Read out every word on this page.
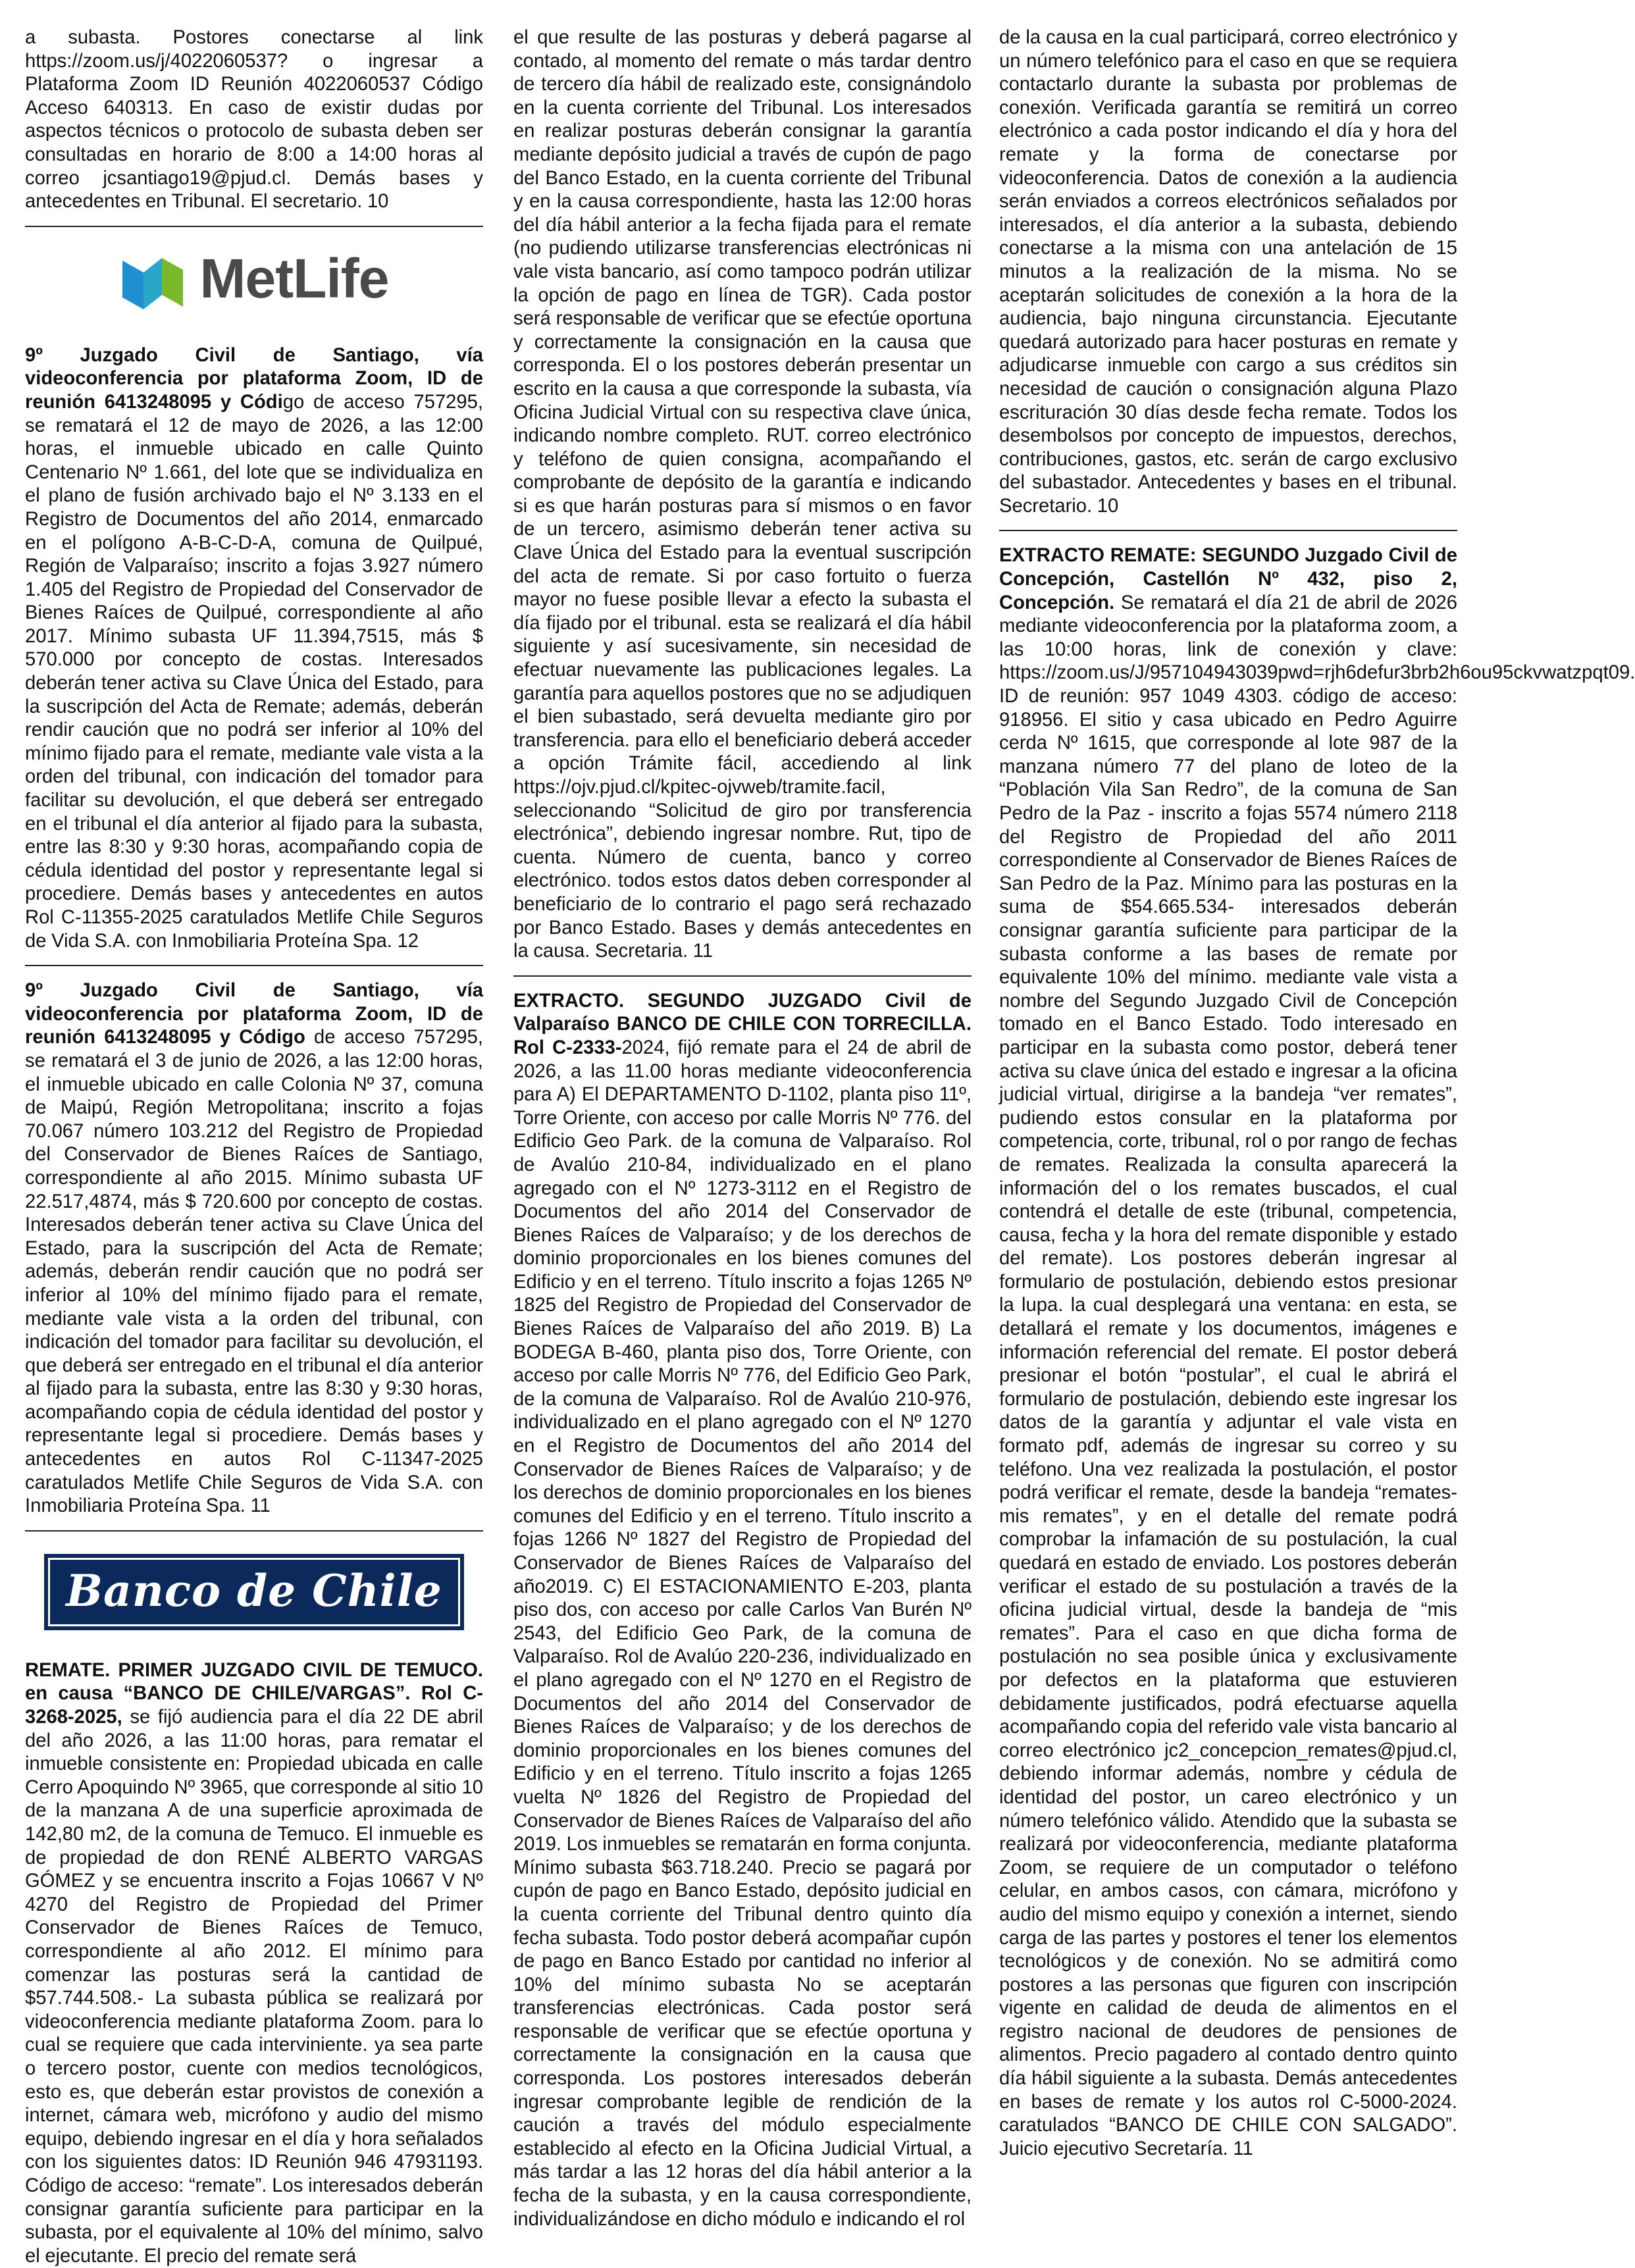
a subasta. Postores conectarse al link https://zoom.us/j/4022060537? o ingresar a Plataforma Zoom ID Reunión 4022060537 Código Acceso 640313. En caso de existir dudas por aspectos técnicos o protocolo de subasta deben ser consultadas en horario de 8:00 a 14:00 horas al correo jcsantiago19@pjud.cl. Demás bases y antecedentes en Tribunal. El secretario. 10

MetLife

9º Juzgado Civil de Santiago, vía videoconferencia por plataforma Zoom, ID de reunión 6413248095 y Código de acceso 757295, se rematará el 12 de mayo de 2026, a las 12:00 horas, el inmueble ubicado en calle Quinto Centenario Nº 1.661, del lote que se individualiza en el plano de fusión archivado bajo el Nº 3.133 en el Registro de Documentos del año 2014, enmarcado en el polígono A-B-C-D-A, comuna de Quilpué, Región de Valparaíso; inscrito a fojas 3.927 número 1.405 del Registro de Propiedad del Conservador de Bienes Raíces de Quilpué, correspondiente al año 2017. Mínimo subasta UF 11.394,7515, más $ 570.000 por concepto de costas. Interesados deberán tener activa su Clave Única del Estado, para la suscripción del Acta de Remate; además, deberán rendir caución que no podrá ser inferior al 10% del mínimo fijado para el remate, mediante vale vista a la orden del tribunal, con indicación del tomador para facilitar su devolución, el que deberá ser entregado en el tribunal el día anterior al fijado para la subasta, entre las 8:30 y 9:30 horas, acompañando copia de cédula identidad del postor y representante legal si procediere. Demás bases y antecedentes en autos Rol C-11355-2025 caratulados Metlife Chile Seguros de Vida S.A. con Inmobiliaria Proteína Spa. 12

9º Juzgado Civil de Santiago, vía videoconferencia por plataforma Zoom, ID de reunión 6413248095 y Código de acceso 757295, se rematará el 3 de junio de 2026, a las 12:00 horas, el inmueble ubicado en calle Colonia Nº 37, comuna de Maipú, Región Metropolitana; inscrito a fojas 70.067 número 103.212 del Registro de Propiedad del Conservador de Bienes Raíces de Santiago, correspondiente al año 2015. Mínimo subasta UF 22.517,4874, más $ 720.600 por concepto de costas. Interesados deberán tener activa su Clave Única del Estado, para la suscripción del Acta de Remate; además, deberán rendir caución que no podrá ser inferior al 10% del mínimo fijado para el remate, mediante vale vista a la orden del tribunal, con indicación del tomador para facilitar su devolución, el que deberá ser entregado en el tribunal el día anterior al fijado para la subasta, entre las 8:30 y 9:30 horas, acompañando copia de cédula identidad del postor y representante legal si procediere. Demás bases y antecedentes en autos Rol C-11347-2025 caratulados Metlife Chile Seguros de Vida S.A. con Inmobiliaria Proteína Spa. 11

Banco de Chile

REMATE. PRIMER JUZGADO CIVIL DE TEMUCO. en causa “BANCO DE CHILE/VARGAS”. Rol C-3268-2025, se fijó audiencia para el día 22 DE abril del año 2026, a las 11:00 horas, para rematar el inmueble consistente en: Propiedad ubicada en calle Cerro Apoquindo Nº 3965, que corresponde al sitio 10 de la manzana A de una superficie aproximada de 142,80 m2, de la comuna de Temuco. El inmueble es de propiedad de don RENÉ ALBERTO VARGAS GÓMEZ y se encuentra inscrito a Fojas 10667 V Nº 4270 del Registro de Propiedad del Primer Conservador de Bienes Raíces de Temuco, correspondiente al año 2012. El mínimo para comenzar las posturas será la cantidad de $57.744.508.- La subasta pública se realizará por videoconferencia mediante plataforma Zoom. para lo cual se requiere que cada interviniente. ya sea parte o tercero postor, cuente con medios tecnológicos, esto es, que deberán estar provistos de conexión a internet, cámara web, micrófono y audio del mismo equipo, debiendo ingresar en el día y hora señalados con los siguientes datos: ID Reunión 946 47931193. Código de acceso: “remate”. Los interesados deberán consignar garantía suficiente para participar en la subasta, por el equivalente al 10% del mínimo, salvo el ejecutante. El precio del remate será

el que resulte de las posturas y deberá pagarse al contado, al momento del remate o más tardar dentro de tercero día hábil de realizado este, consignándolo en la cuenta corriente del Tribunal. Los interesados en realizar posturas deberán consignar la garantía mediante depósito judicial a través de cupón de pago del Banco Estado, en la cuenta corriente del Tribunal y en la causa correspondiente, hasta las 12:00 horas del día hábil anterior a la fecha fijada para el remate (no pudiendo utilizarse transferencias electrónicas ni vale vista bancario, así como tampoco podrán utilizar la opción de pago en línea de TGR). Cada postor será responsable de verificar que se efectúe oportuna y correctamente la consignación en la causa que corresponda. El o los postores deberán presentar un escrito en la causa a que corresponde la subasta, vía Oficina Judicial Virtual con su respectiva clave única, indicando nombre completo. RUT. correo electrónico y teléfono de quien consigna, acompañando el comprobante de depósito de la garantía e indicando si es que harán posturas para sí mismos o en favor de un tercero, asimismo deberán tener activa su Clave Única del Estado para la eventual suscripción del acta de remate. Si por caso fortuito o fuerza mayor no fuese posible llevar a efecto la subasta el día fijado por el tribunal. esta se realizará el día hábil siguiente y así sucesivamente, sin necesidad de efectuar nuevamente las publicaciones legales. La garantía para aquellos postores que no se adjudiquen el bien subastado, será devuelta mediante giro por transferencia. para ello el beneficiario deberá acceder a opción Trámite fácil, accediendo al link https://ojv.pjud.cl/kpitec-ojvweb/tramite.facil, seleccionando “Solicitud de giro por transferencia electrónica”, debiendo ingresar nombre. Rut, tipo de cuenta. Número de cuenta, banco y correo electrónico. todos estos datos deben corresponder al beneficiario de lo contrario el pago será rechazado por Banco Estado. Bases y demás antecedentes en la causa. Secretaria. 11

EXTRACTO. SEGUNDO JUZGADO Civil de Valparaíso BANCO DE CHILE CON TORRECILLA. Rol C-2333-2024, fijó remate para el 24 de abril de 2026, a las 11.00 horas mediante videoconferencia para A) El DEPARTAMENTO D-1102, planta piso 11º, Torre Oriente, con acceso por calle Morris Nº 776. del Edificio Geo Park. de la comuna de Valparaíso. Rol de Avalúo 210-84, individualizado en el plano agregado con el Nº 1273-3112 en el Registro de Documentos del año 2014 del Conservador de Bienes Raíces de Valparaíso; y de los derechos de dominio proporcionales en los bienes comunes del Edificio y en el terreno. Título inscrito a fojas 1265 Nº 1825 del Registro de Propiedad del Conservador de Bienes Raíces de Valparaíso del año 2019. B) La BODEGA B-460, planta piso dos, Torre Oriente, con acceso por calle Morris Nº 776, del Edificio Geo Park, de la comuna de Valparaíso. Rol de Avalúo 210-976, individualizado en el plano agregado con el Nº 1270 en el Registro de Documentos del año 2014 del Conservador de Bienes Raíces de Valparaíso; y de los derechos de dominio proporcionales en los bienes comunes del Edificio y en el terreno. Título inscrito a fojas 1266 Nº 1827 del Registro de Propiedad del Conservador de Bienes Raíces de Valparaíso del año2019. C) El ESTACIONAMIENTO E-203, planta piso dos, con acceso por calle Carlos Van Burén Nº 2543, del Edificio Geo Park, de la comuna de Valparaíso. Rol de Avalúo 220-236, individualizado en el plano agregado con el Nº 1270 en el Registro de Documentos del año 2014 del Conservador de Bienes Raíces de Valparaíso; y de los derechos de dominio proporcionales en los bienes comunes del Edificio y en el terreno. Título inscrito a fojas 1265 vuelta Nº 1826 del Registro de Propiedad del Conservador de Bienes Raíces de Valparaíso del año 2019. Los inmuebles se rematarán en forma conjunta. Mínimo subasta $63.718.240. Precio se pagará por cupón de pago en Banco Estado, depósito judicial en la cuenta corriente del Tribunal dentro quinto día fecha subasta. Todo postor deberá acompañar cupón de pago en Banco Estado por cantidad no inferior al 10% del mínimo subasta No se aceptarán transferencias electrónicas. Cada postor será responsable de verificar que se efectúe oportuna y correctamente la consignación en la causa que corresponda. Los postores interesados deberán ingresar comprobante legible de rendición de la caución a través del módulo especialmente establecido al efecto en la Oficina Judicial Virtual, a más tardar a las 12 horas del día hábil anterior a la fecha de la subasta, y en la causa correspondiente, individualizándose en dicho módulo e indicando el rol

de la causa en la cual participará, correo electrónico y un número telefónico para el caso en que se requiera contactarlo durante la subasta por problemas de conexión. Verificada garantía se remitirá un correo electrónico a cada postor indicando el día y hora del remate y la forma de conectarse por videoconferencia. Datos de conexión a la audiencia serán enviados a correos electrónicos señalados por interesados, el día anterior a la subasta, debiendo conectarse a la misma con una antelación de 15 minutos a la realización de la misma. No se aceptarán solicitudes de conexión a la hora de la audiencia, bajo ninguna circunstancia. Ejecutante quedará autorizado para hacer posturas en remate y adjudicarse inmueble con cargo a sus créditos sin necesidad de caución o consignación alguna Plazo escrituración 30 días desde fecha remate. Todos los desembolsos por concepto de impuestos, derechos, contribuciones, gastos, etc. serán de cargo exclusivo del subastador. Antecedentes y bases en el tribunal. Secretario. 10

EXTRACTO REMATE: SEGUNDO Juzgado Civil de Concepción, Castellón Nº 432, piso 2, Concepción. Se rematará el día 21 de abril de 2026 mediante videoconferencia por la plataforma zoom, a las 10:00 horas, link de conexión y clave: https://zoom.us/J/957104943039pwd=rjh6defur3brb2h6ou95ckvwatzpqt09. ID de reunión: 957 1049 4303. código de acceso: 918956. El sitio y casa ubicado en Pedro Aguirre cerda Nº 1615, que corresponde al lote 987 de la manzana número 77 del plano de loteo de la “Población Vila San Redro”, de la comuna de San Pedro de la Paz - inscrito a fojas 5574 número 2118 del Registro de Propiedad del año 2011 correspondiente al Conservador de Bienes Raíces de San Pedro de la Paz. Mínimo para las posturas en la suma de $54.665.534- interesados deberán consignar garantía suficiente para participar de la subasta conforme a las bases de remate por equivalente 10% del mínimo. mediante vale vista a nombre del Segundo Juzgado Civil de Concepción tomado en el Banco Estado. Todo interesado en participar en la subasta como postor, deberá tener activa su clave única del estado e ingresar a la oficina judicial virtual, dirigirse a la bandeja “ver remates”, pudiendo estos consular en la plataforma por competencia, corte, tribunal, rol o por rango de fechas de remates. Realizada la consulta aparecerá la información del o los remates buscados, el cual contendrá el detalle de este (tribunal, competencia, causa, fecha y la hora del remate disponible y estado del remate). Los postores deberán ingresar al formulario de postulación, debiendo estos presionar la lupa. la cual desplegará una ventana: en esta, se detallará el remate y los documentos, imágenes e información referencial del remate. El postor deberá presionar el botón “postular”, el cual le abrirá el formulario de postulación, debiendo este ingresar los datos de la garantía y adjuntar el vale vista en formato pdf, además de ingresar su correo y su teléfono. Una vez realizada la postulación, el postor podrá verificar el remate, desde la bandeja “remates-mis remates”, y en el detalle del remate podrá comprobar la infamación de su postulación, la cual quedará en estado de enviado. Los postores deberán verificar el estado de su postulación a través de la oficina judicial virtual, desde la bandeja de “mis remates”. Para el caso en que dicha forma de postulación no sea posible única y exclusivamente por defectos en la plataforma que estuvieren debidamente justificados, podrá efectuarse aquella acompañando copia del referido vale vista bancario al correo electrónico jc2_concepcion_remates@pjud.cl, debiendo informar además, nombre y cédula de identidad del postor, un careo electrónico y un número telefónico válido. Atendido que la subasta se realizará por videoconferencia, mediante plataforma Zoom, se requiere de un computador o teléfono celular, en ambos casos, con cámara, micrófono y audio del mismo equipo y conexión a internet, siendo carga de las partes y postores el tener los elementos tecnológicos y de conexión. No se admitirá como postores a las personas que figuren con inscripción vigente en calidad de deuda de alimentos en el registro nacional de deudores de pensiones de alimentos. Precio pagadero al contado dentro quinto día hábil siguiente a la subasta. Demás antecedentes en bases de remate y los autos rol C-5000-2024. caratulados “BANCO DE CHILE CON SALGADO”. Juicio ejecutivo Secretaría. 11
